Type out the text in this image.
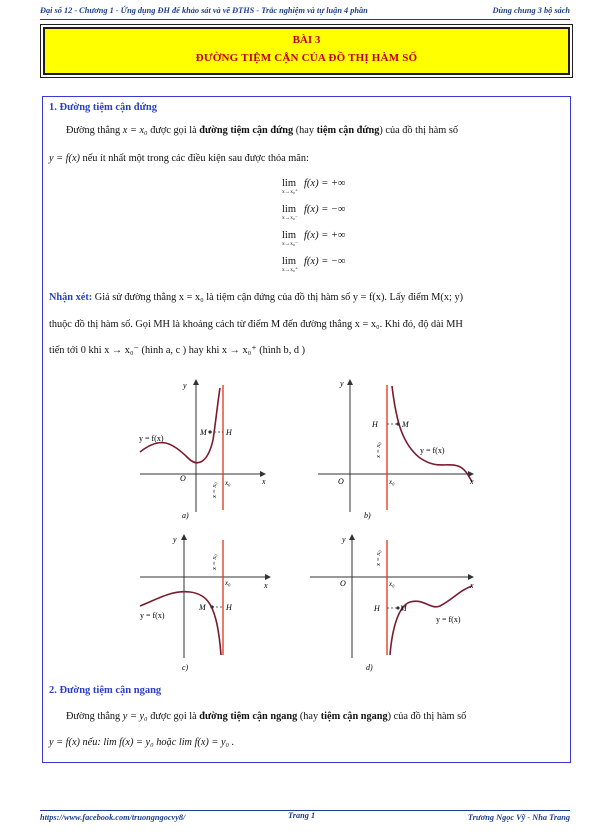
Đại số 12 - Chương 1 - Ứng dụng ĐH để khảo sát và vẽ ĐTHS - Trắc nghiệm và tự luận 4 phần	Dùng chung 3 bộ sách
BÀI 3
ĐƯỜNG TIỆM CẬN CỦA ĐỒ THỊ HÀM SỐ
1. Đường tiệm cận đứng
Đường thẳng x = x₀ được gọi là đường tiệm cận đứng (hay tiệm cận đứng) của đồ thị hàm số
y = f(x) nếu ít nhất một trong các điều kiện sau được thỏa mãn:
lim
x→x₀⁺
f(x) = +∞
lim
x→x₀⁻
f(x) = −∞
lim
x→x₀⁻
f(x) = +∞
lim
x→x₀⁺
f(x) = −∞
Nhận xét: Giả sử đường thẳng x = x₀ là tiệm cận đứng của đồ thị hàm số y = f(x). Lấy điểm M(x; y)
thuộc đồ thị hàm số. Gọi MH là khoảng cách từ điểm M đến đường thẳng x = x₀. Khi đó, độ dài MH
tiến tới 0 khi x → x₀⁻ (hình a, c ) hay khi x → x₀⁺ (hình b, d )
y = f(x)
M H
O	x₀	x
y
x = x₀
a)
H	M
y = f(x)
O	x₀	x
y
x = x₀
b)
y = f(x)
M	H
x₀	x
y
x = x₀
c)
H	M
y = f(x)
O	x₀	x
y
x = x₀
d)
2. Đường tiệm cận ngang
Đường thẳng y = y₀ được gọi là đường tiệm cận ngang (hay tiệm cận ngang) của đồ thị hàm số
y = f(x) nếu: lim f(x) = y₀ hoặc lim f(x) = y₀ .
https://www.facebook.com/truongngocvy8/	Trang 1	Trương Ngọc Vỹ - Nha Trang
